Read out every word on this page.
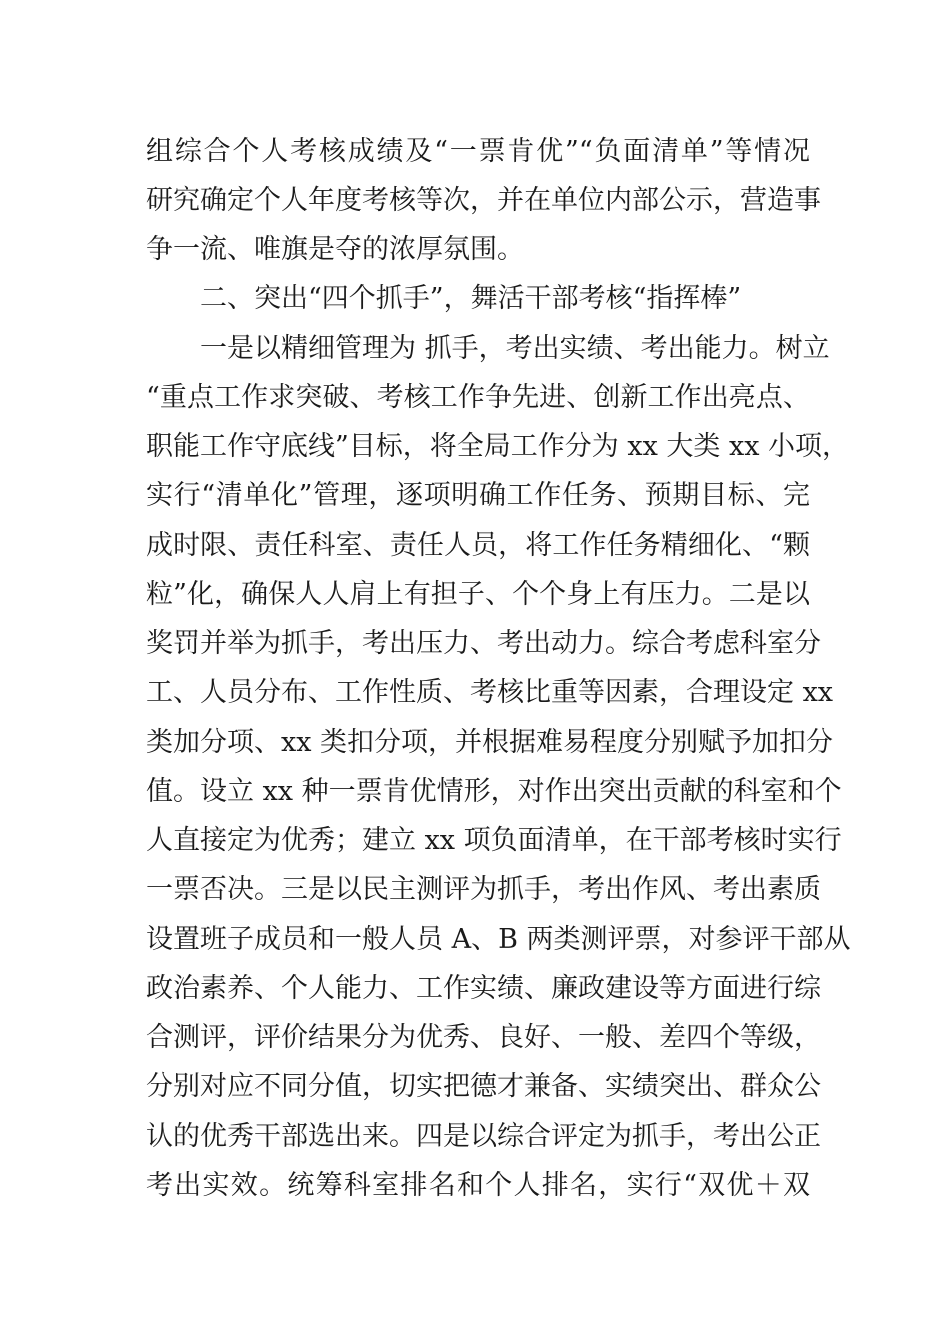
组综合个人考核成绩及“一票肯优”“负面清单”等情况
研究确定个人年度考核等次，并在单位内部公示，营造事
争一流、唯旗是夺的浓厚氛围。
二、突出“四个抓手”，舞活干部考核“指挥棒”
一是以精细管理为 抓手，考出实绩、考出能力。树立
“重点工作求突破、考核工作争先进、创新工作出亮点、
职能工作守底线”目标，将全局工作分为 xx 大类 xx 小项，
实行“清单化”管理，逐项明确工作任务、预期目标、完
成时限、责任科室、责任人员，将工作任务精细化、“颗
粒”化，确保人人肩上有担子、个个身上有压力。二是以
奖罚并举为抓手，考出压力、考出动力。综合考虑科室分
工、人员分布、工作性质、考核比重等因素，合理设定 xx
类加分项、xx 类扣分项，并根据难易程度分别赋予加扣分
值。设立 xx 种一票肯优情形，对作出突出贡献的科室和个
人直接定为优秀；建立 xx 项负面清单，在干部考核时实行
一票否决。三是以民主测评为抓手，考出作风、考出素质
设置班子成员和一般人员 A、B 两类测评票，对参评干部从
政治素养、个人能力、工作实绩、廉政建设等方面进行综
合测评，评价结果分为优秀、良好、一般、差四个等级，
分别对应不同分值，切实把德才兼备、实绩突出、群众公
认的优秀干部选出来。四是以综合评定为抓手，考出公正
考出实效。统筹科室排名和个人排名，实行“双优＋双
